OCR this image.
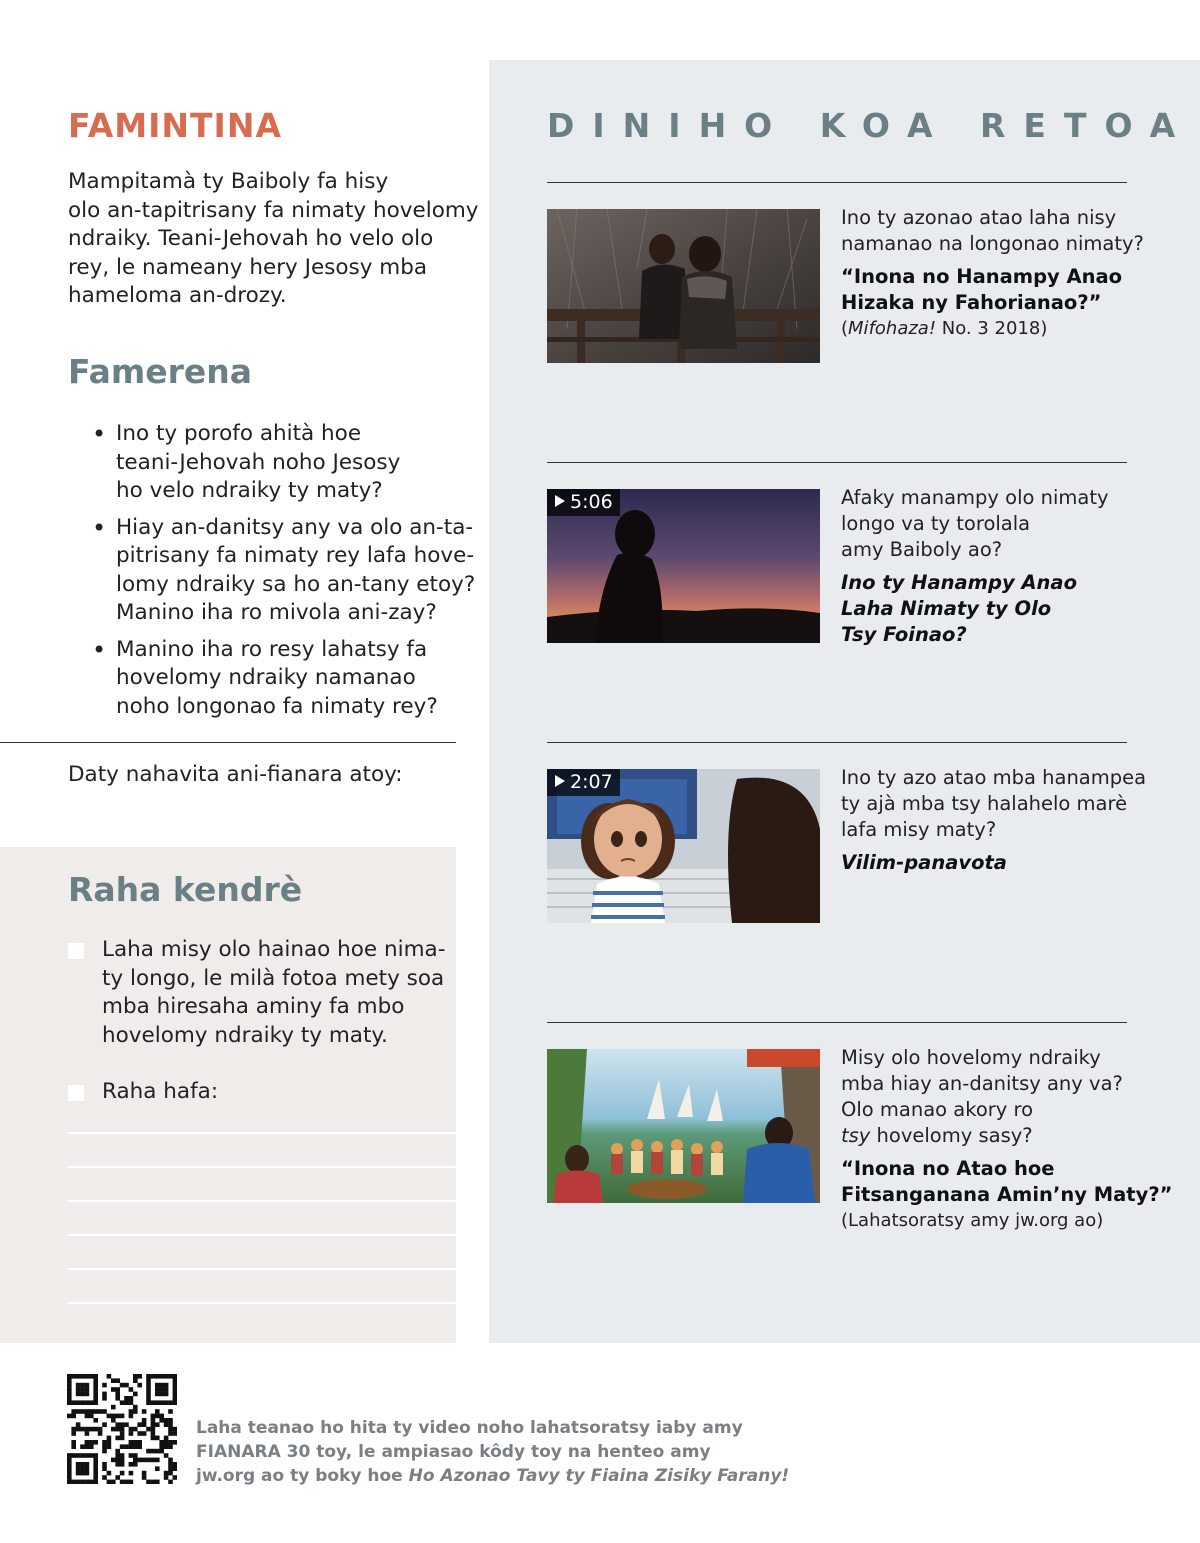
FAMINTINA
Mampitamà ty Baiboly fa hisy
olo an-tapitrisany fa nimaty hovelomy
ndraiky. Teani-Jehovah ho velo olo
rey, le nameany hery Jesosy mba
hameloma an-drozy.
Famerena
• Ino ty porofo ahità hoe
teani-Jehovah noho Jesosy
ho velo ndraiky ty maty?
• Hiay an-danitsy any va olo an-ta-
pitrisany fa nimaty rey lafa hove-
lomy ndraiky sa ho an-tany etoy?
Manino iha ro mivola ani-zay?
• Manino iha ro resy lahatsy fa
hovelomy ndraiky namanao
noho longonao fa nimaty rey?
Daty nahavita ani-fianara atoy:
Raha kendrè
Laha misy olo hainao hoe nima-
ty longo, le milà fotoa mety soa
mba hiresaha aminy fa mbo
hovelomy ndraiky ty maty.
Raha hafa:
DINIHO KOA RETOA
Ino ty azonao atao laha nisy
namanao na longonao nimaty?
“Inona no Hanampy Anao
Hizaka ny Fahorianao?”
(Mifohaza! No. 3 2018)
5:06	Afaky manampy olo nimaty
longo va ty torolala
amy Baiboly ao?
Ino ty Hanampy Anao
Laha Nimaty ty Olo
Tsy Foinao?
2:07	Ino ty azo atao mba hanampea
ty ajà mba tsy halahelo marè
lafa misy maty?
Vilim-panavota
Misy olo hovelomy ndraiky
mba hiay an-danitsy any va?
Olo manao akory ro
tsy hovelomy sasy?
“Inona no Atao hoe
Fitsanganana Amin’ny Maty?”
(Lahatsoratsy amy jw.org ao)
Laha teanao ho hita ty video noho lahatsoratsy iaby amy
FIANARA 30 toy, le ampiasao kôdy toy na henteo amy
jw.org ao ty boky hoe Ho Azonao Tavy ty Fiaina Zisiky Farany!
